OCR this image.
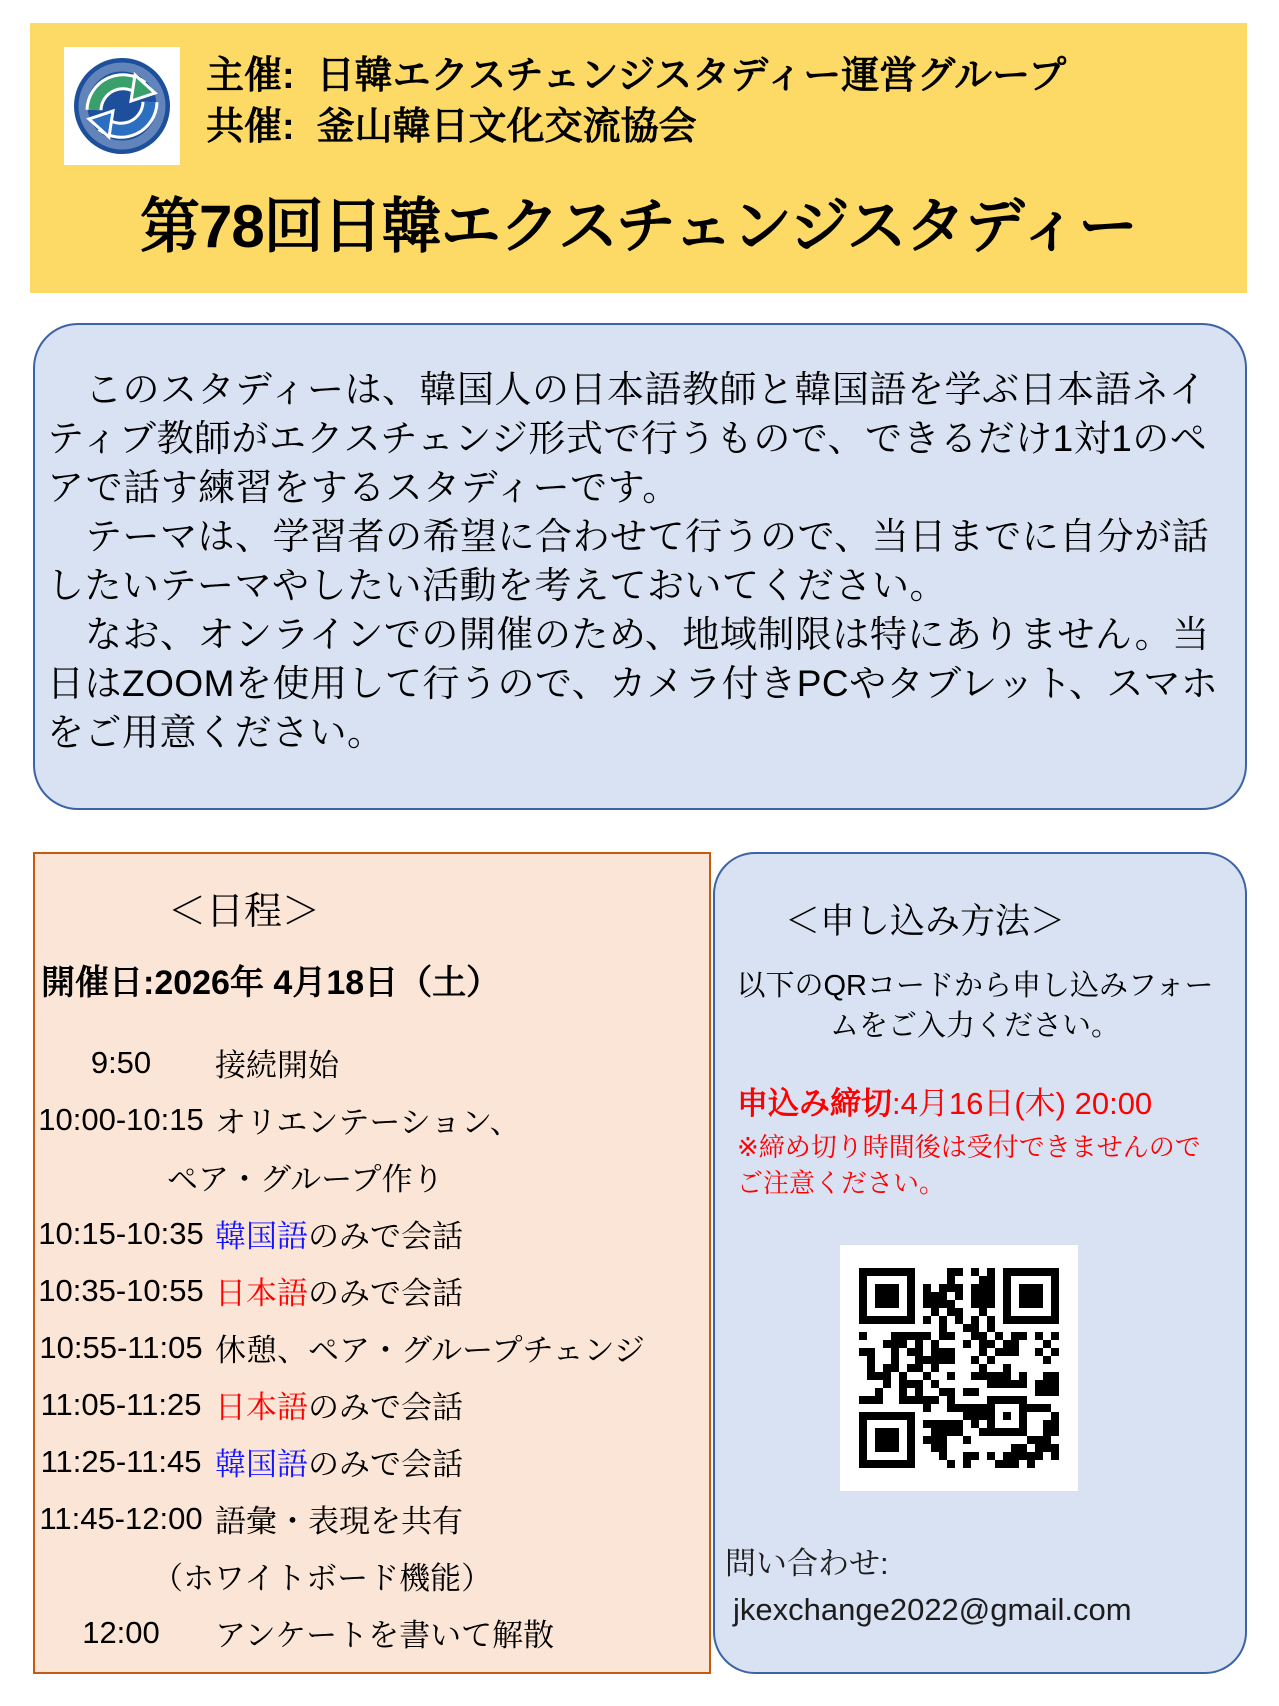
主催: 日韓エクスチェンジスタディー運営グループ
共催: 釜山韓日文化交流協会
第78回日韓エクスチェンジスタディー

このスタディーは、韓国人の日本語教師と韓国語を学ぶ日本語ネイティブ教師がエクスチェンジ形式で行うもので、できるだけ1対1のペアで話す練習をするスタディーです。

テーマは、学習者の希望に合わせて行うので、当日までに自分が話したいテーマやしたい活動を考えておいてください。

なお、オンラインでの開催のため、地域制限は特にありません。当日はZOOMを使用して行うので、カメラ付きPCやタブレット、スマホをご用意ください。

＜日程＞
開催日:2026年 4月18日（土）
9:50	接続開始
10:00-10:15 オリエンテーション、
ペア・グループ作り
10:15-10:35 韓国語のみで会話
10:35-10:55 日本語のみで会話
10:55-11:05 休憩、ペア・グループチェンジ
11:05-11:25 日本語のみで会話
11:25-11:45 韓国語のみで会話
11:45-12:00 語彙・表現を共有
（ホワイトボード機能）
12:00	アンケートを書いて解散
＜申し込み方法＞

以下のQRコードから申し込みフォームをご入力ください。

申込み締切:4月16日(木) 20:00

※締め切り時間後は受付できませんので　ご注意ください。

問い合わせ:
jkexchange2022@gmail.com
